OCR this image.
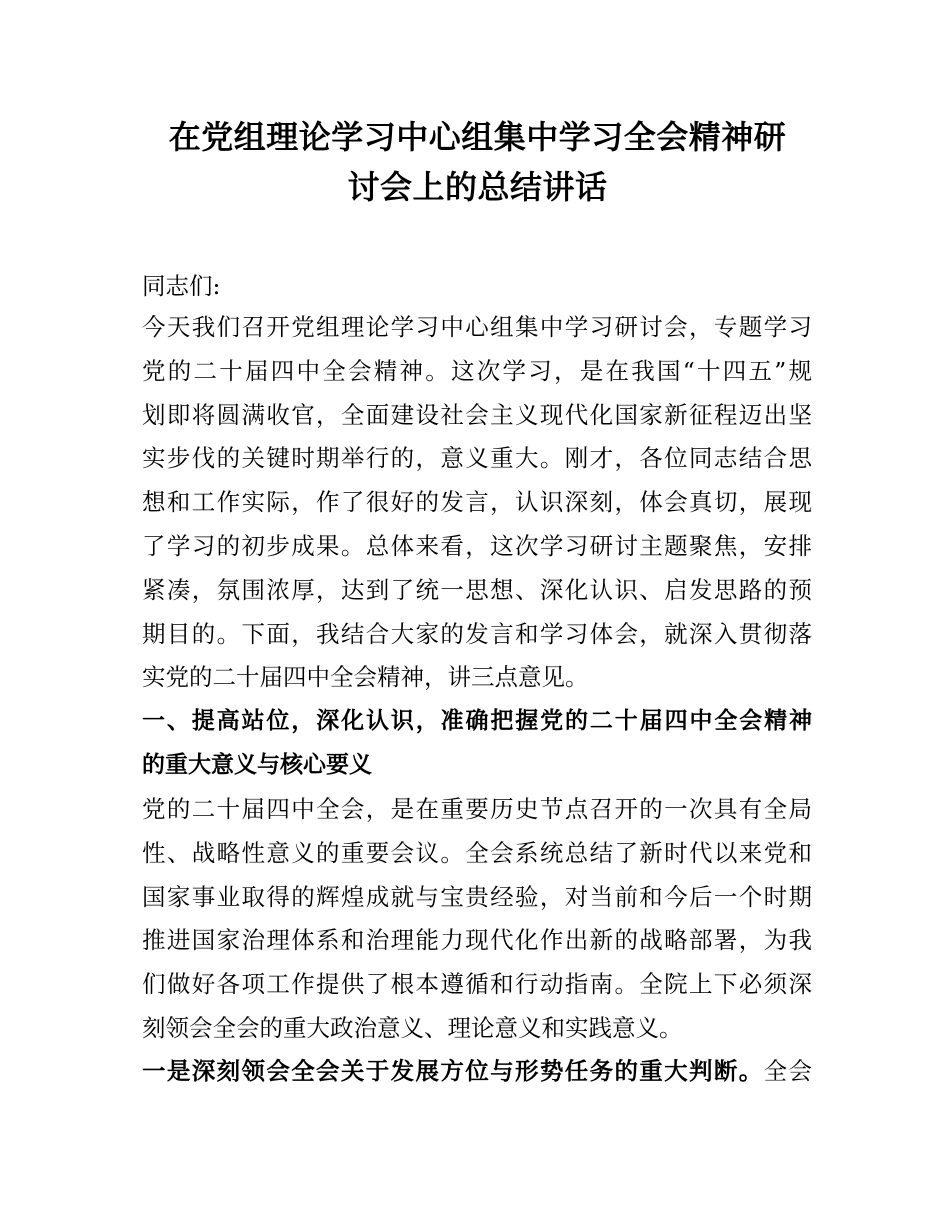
在党组理论学习中心组集中学习全会精神研
讨会上的总结讲话
同志们:
今天我们召开党组理论学习中心组集中学习研讨会，专题学习
党的二十届四中全会精神。这次学习，是在我国“十四五”规
划即将圆满收官，全面建设社会主义现代化国家新征程迈出坚
实步伐的关键时期举行的，意义重大。刚才，各位同志结合思
想和工作实际，作了很好的发言，认识深刻，体会真切，展现
了学习的初步成果。总体来看，这次学习研讨主题聚焦，安排
紧凑，氛围浓厚，达到了统一思想、深化认识、启发思路的预
期目的。下面，我结合大家的发言和学习体会，就深入贯彻落
实党的二十届四中全会精神，讲三点意见。
一、提高站位，深化认识，准确把握党的二十届四中全会精神
的重大意义与核心要义
党的二十届四中全会，是在重要历史节点召开的一次具有全局
性、战略性意义的重要会议。全会系统总结了新时代以来党和
国家事业取得的辉煌成就与宝贵经验，对当前和今后一个时期
推进国家治理体系和治理能力现代化作出新的战略部署，为我
们做好各项工作提供了根本遵循和行动指南。全院上下必须深
刻领会全会的重大政治意义、理论意义和实践意义。
一是深刻领会全会关于发展方位与形势任务的重大判断。全会
